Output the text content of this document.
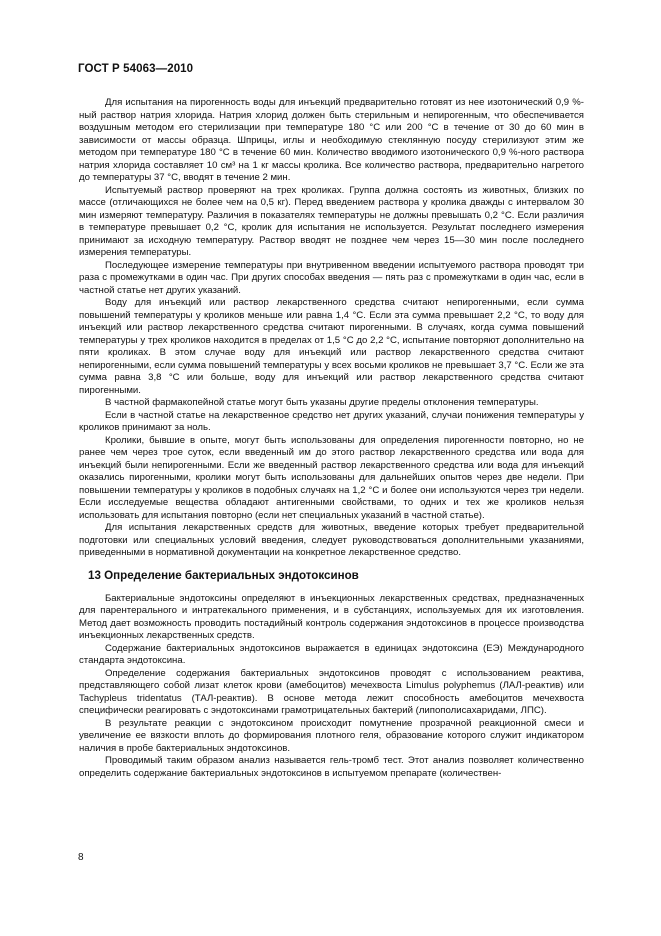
ГОСТ Р 54063—2010

Для испытания на пирогенность воды для инъекций предварительно готовят из нее изотонический 0,9 %-ный раствор натрия хлорида. Натрия хлорид должен быть стерильным и непирогенным, что обеспечивается воздушным методом его стерилизации при температуре 180 °С или 200 °С в течение от 30 до 60 мин в зависимости от массы образца. Шприцы, иглы и необходимую стеклянную посуду стерилизуют этим же методом при температуре 180 °С в течение 60 мин. Количество вводимого изотонического 0,9 %-ного раствора натрия хлорида составляет 10 см³ на 1 кг массы кролика. Все количество раствора, предварительно нагретого до температуры 37 °С, вводят в течение 2 мин.

Испытуемый раствор проверяют на трех кроликах. Группа должна состоять из животных, близких по массе (отличающихся не более чем на 0,5 кг). Перед введением раствора у кролика дважды с интервалом 30 мин измеряют температуру. Различия в показателях температуры не должны превышать 0,2 °С. Если различия в температуре превышает 0,2 °С, кролик для испытания не используется. Результат последнего измерения принимают за исходную температуру. Раствор вводят не позднее чем через 15—30 мин после последнего измерения температуры.

Последующее измерение температуры при внутривенном введении испытуемого раствора проводят три раза с промежутками в один час. При других способах введения — пять раз с промежутками в один час, если в частной статье нет других указаний.

Воду для инъекций или раствор лекарственного средства считают непирогенными, если сумма повышений температуры у кроликов меньше или равна 1,4 °С. Если эта сумма превышает 2,2 °С, то воду для инъекций или раствор лекарственного средства считают пирогенными. В случаях, когда сумма повышений температуры у трех кроликов находится в пределах от 1,5 °С до 2,2 °С, испытание повторяют дополнительно на пяти кроликах. В этом случае воду для инъекций или раствор лекарственного средства считают непирогенными, если сумма повышений температуры у всех восьми кроликов не превышает 3,7 °С. Если же эта сумма равна 3,8 °С или больше, воду для инъекций или раствор лекарственного средства считают пирогенными.

В частной фармакопейной статье могут быть указаны другие пределы отклонения температуры.

Если в частной статье на лекарственное средство нет других указаний, случаи понижения температуры у кроликов принимают за ноль.

Кролики, бывшие в опыте, могут быть использованы для определения пирогенности повторно, но не ранее чем через трое суток, если введенный им до этого раствор лекарственного средства или вода для инъекций были непирогенными. Если же введенный раствор лекарственного средства или вода для инъекций оказались пирогенными, кролики могут быть использованы для дальнейших опытов через две недели. При повышении температуры у кроликов в подобных случаях на 1,2 °С и более они используются через три недели. Если исследуемые вещества обладают антигенными свойствами, то одних и тех же кроликов нельзя использовать для испытания повторно (если нет специальных указаний в частной статье).

Для испытания лекарственных средств для животных, введение которых требует предварительной подготовки или специальных условий введения, следует руководствоваться дополнительными указаниями, приведенными в нормативной документации на конкретное лекарственное средство.

13 Определение бактериальных эндотоксинов

Бактериальные эндотоксины определяют в инъекционных лекарственных средствах, предназначенных для парентерального и интратекального применения, и в субстанциях, используемых для их изготовления. Метод дает возможность проводить постадийный контроль содержания эндотоксинов в процессе производства инъекционных лекарственных средств.

Содержание бактериальных эндотоксинов выражается в единицах эндотоксина (ЕЭ) Международного стандарта эндотоксина.

Определение содержания бактериальных эндотоксинов проводят с использованием реактива, представляющего собой лизат клеток крови (амебоцитов) мечехвоста Limulus polyphemus (ЛАЛ-реактив) или Tachypleus tridentatus (ТАЛ-реактив). В основе метода лежит способность амебоцитов мечехвоста специфически реагировать с эндотоксинами грамотрицательных бактерий (липополисахаридами, ЛПС).

В результате реакции с эндотоксином происходит помутнение прозрачной реакционной смеси и увеличение ее вязкости вплоть до формирования плотного геля, образование которого служит индикатором наличия в пробе бактериальных эндотоксинов.

Проводимый таким образом анализ называется гель-тромб тест. Этот анализ позволяет количественно определить содержание бактериальных эндотоксинов в испытуемом препарате (количествен-

8
